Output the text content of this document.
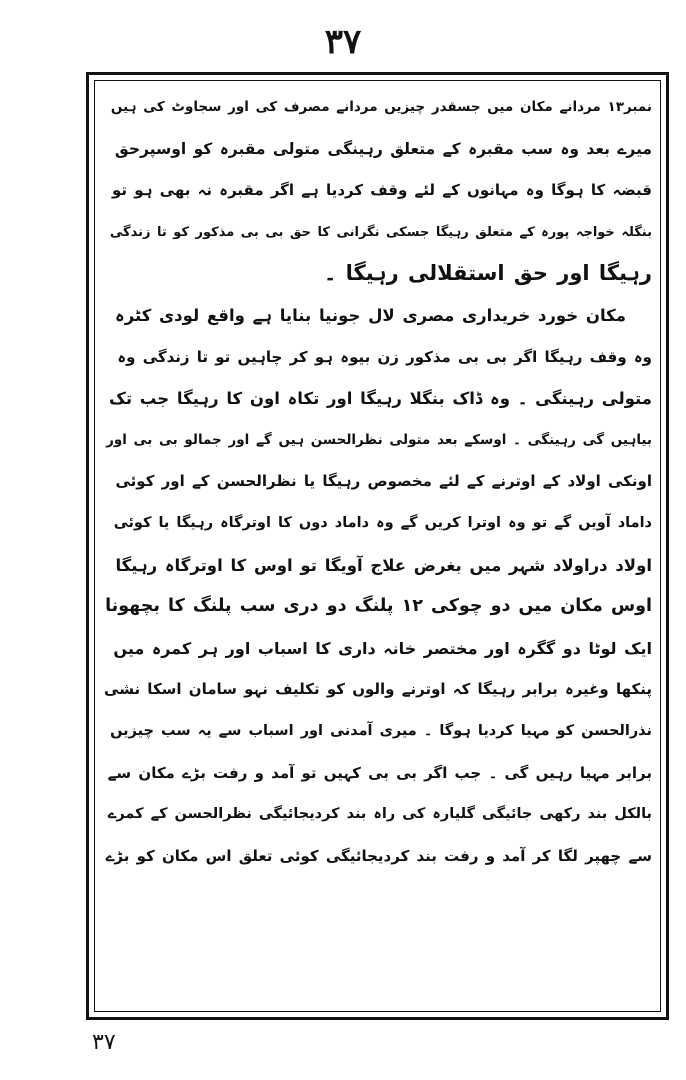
۳۷
نمبر۱۳ مردانے مکان میں جسقدر چیزیں مردانے مصرف کی اور سجاوٹ کی ہیں
میرے بعد وہ سب مقبرہ کے متعلق رہینگی متولی مقبرہ کو اوسپرحق
قبضہ کا ہوگا وہ مہانوں کے لئے وقف کردیا ہے اگر مقبرہ نہ بھی ہو تو
بنگلہ خواجہ پورہ کے متعلق رہیگا جسکی نگرانی کا حق بی بی مذکور کو تا زندگی
رہیگا اور حق استقلالی رہیگا ۔
مکان خورد خریداری مصری لال جونیا بنایا ہے واقع لودی کٹرہ
وہ وقف رہیگا اگر بی بی مذکور زن بیوہ ہو کر چاہیں تو تا زندگی وہ
متولی رہینگی ۔ وہ ڈاک بنگلا رہیگا اور تکاہ اون کا رہیگا جب تک
بیاہیں گی رہینگی ۔ اوسکے بعد متولی نظرالحسن ہیں گے اور جمالو بی بی اور
اونکی اولاد کے اوترنے کے لئے مخصوص رہیگا یا نظرالحسن کے اور کوئی
داماد آویں گے تو وہ اوترا کریں گے وہ داماد دوں کا اوترگاہ رہیگا یا کوئی
اولاد دراولاد شہر میں بغرض علاج آویگا تو اوس کا اوترگاہ رہیگا
اوس مکان میں دو چوکی ۱۲ پلنگ دو دری سب پلنگ کا بچھونا
ایک لوٹا دو گگرہ اور مختصر خانہ داری کا اسباب اور ہر کمرہ میں
پنکھا وغیرہ برابر رہیگا کہ اوترنے والوں کو تکلیف نہو سامان اسکا نشی
نذرالحسن کو مہیا کردیا ہوگا ۔ میری آمدنی اور اسباب سے یہ سب چیزیں
برابر مہیا رہیں گی ۔ جب اگر بی بی کہیں تو آمد و رفت بڑے مکان سے
بالکل بند رکھی جائیگی گلیارہ کی راہ بند کردیجائیگی نظرالحسن کے کمرے
سے چھپر لگا کر آمد و رفت بند کردیجائیگی کوئی تعلق اس مکان کو بڑے
۳۷
